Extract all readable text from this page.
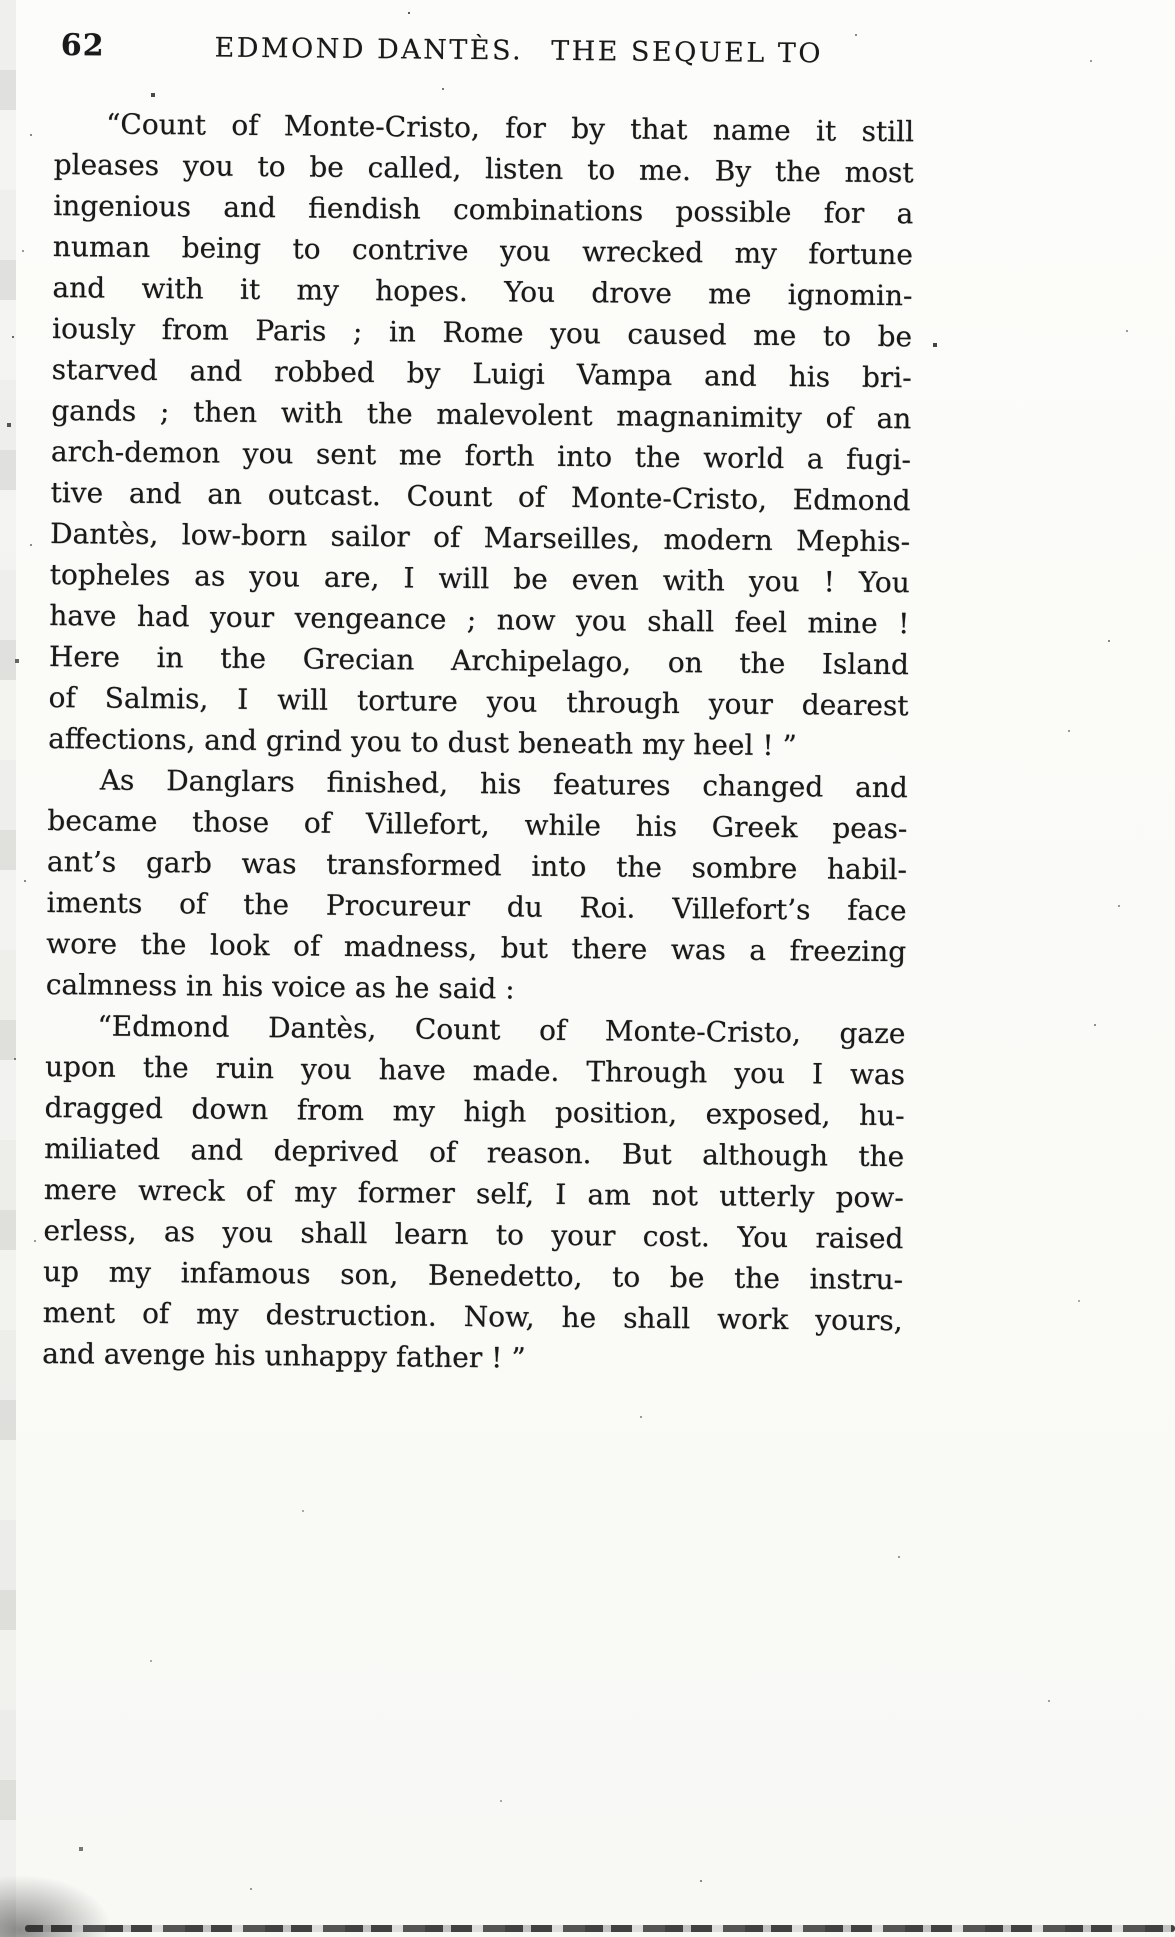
62	EDMOND DANTÈS. THE SEQUEL TO
“Count of Monte-Cristo, for by that name it still
pleases you to be called, listen to me. By the most
ingenious and fiendish combinations possible for a
numan being to contrive you wrecked my fortune
and with it my hopes. You drove me ignomin-
iously from Paris ; in Rome you caused me to be
starved and robbed by Luigi Vampa and his bri-
gands ; then with the malevolent magnanimity of an
arch-demon you sent me forth into the world a fugi-
tive and an outcast. Count of Monte-Cristo, Edmond
Dantès, low-born sailor of Marseilles, modern Mephis-
topheles as you are, I will be even with you ! You
have had your vengeance ; now you shall feel mine !
Here in the Grecian Archipelago, on the Island
of Salmis, I will torture you through your dearest
affections, and grind you to dust beneath my heel ! ”
As Danglars finished, his features changed and
became those of Villefort, while his Greek peas-
ant’s garb was transformed into the sombre habil-
iments of the Procureur du Roi. Villefort’s face
wore the look of madness, but there was a freezing
calmness in his voice as he said :
“Edmond Dantès, Count of Monte-Cristo, gaze
upon the ruin you have made. Through you I was
dragged down from my high position, exposed, hu-
miliated and deprived of reason. But although the
mere wreck of my former self, I am not utterly pow-
erless, as you shall learn to your cost. You raised
up my infamous son, Benedetto, to be the instru-
ment of my destruction. Now, he shall work yours,
and avenge his unhappy father ! ”
